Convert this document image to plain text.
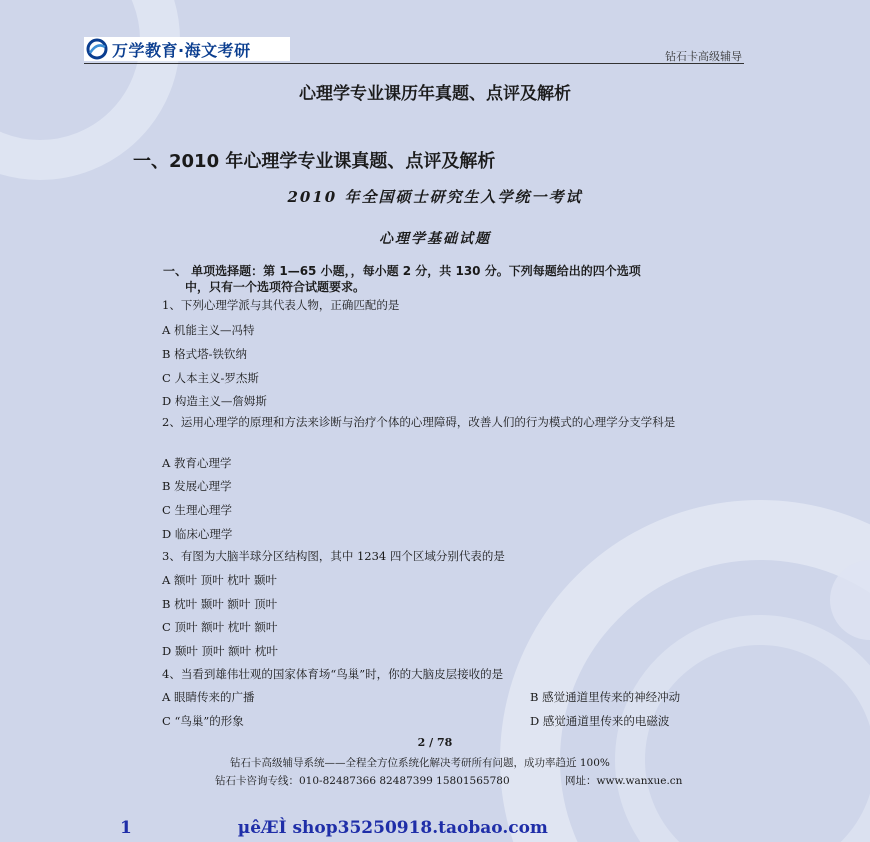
万学教育·海文考研	钻石卡高级辅导
心理学专业课历年真题、点评及解析
一、2010 年心理学专业课真题、点评及解析
2010 年全国硕士研究生入学统一考试
心理学基础试题
一、 单项选择题：第 1—65 小题，，每小题 2 分，共 130 分。下列每题给出的四个选项
中，只有一个选项符合试题要求。
1、下列心理学派与其代表人物，正确匹配的是
A 机能主义—冯特
B 格式塔-铁钦纳
C 人本主义-罗杰斯
D 构造主义—詹姆斯
2、运用心理学的原理和方法来诊断与治疗个体的心理障碍，改善人们的行为模式的心理学分支学科是
A 教育心理学
B 发展心理学
C 生理心理学
D 临床心理学
3、有图为大脑半球分区结构图，其中 1234 四个区域分别代表的是
A 额叶 顶叶 枕叶 颞叶
B 枕叶 颞叶 额叶 顶叶
C 顶叶 额叶 枕叶 额叶
D 颞叶 顶叶 额叶 枕叶
4、当看到雄伟壮观的国家体育场“鸟巢”时，你的大脑皮层接收的是
A 眼睛传来的广播	B 感觉通道里传来的神经冲动
C “鸟巢”的形象	D 感觉通道里传来的电磁波
2 / 78
钻石卡高级辅导系统——全程全方位系统化解决考研所有问题，成功率趋近 100%
钻石卡咨询专线：010-82487366 82487399 15801565780	网址：www.wanxue.cn
1	µêÆÌ shop35250918.taobao.com
